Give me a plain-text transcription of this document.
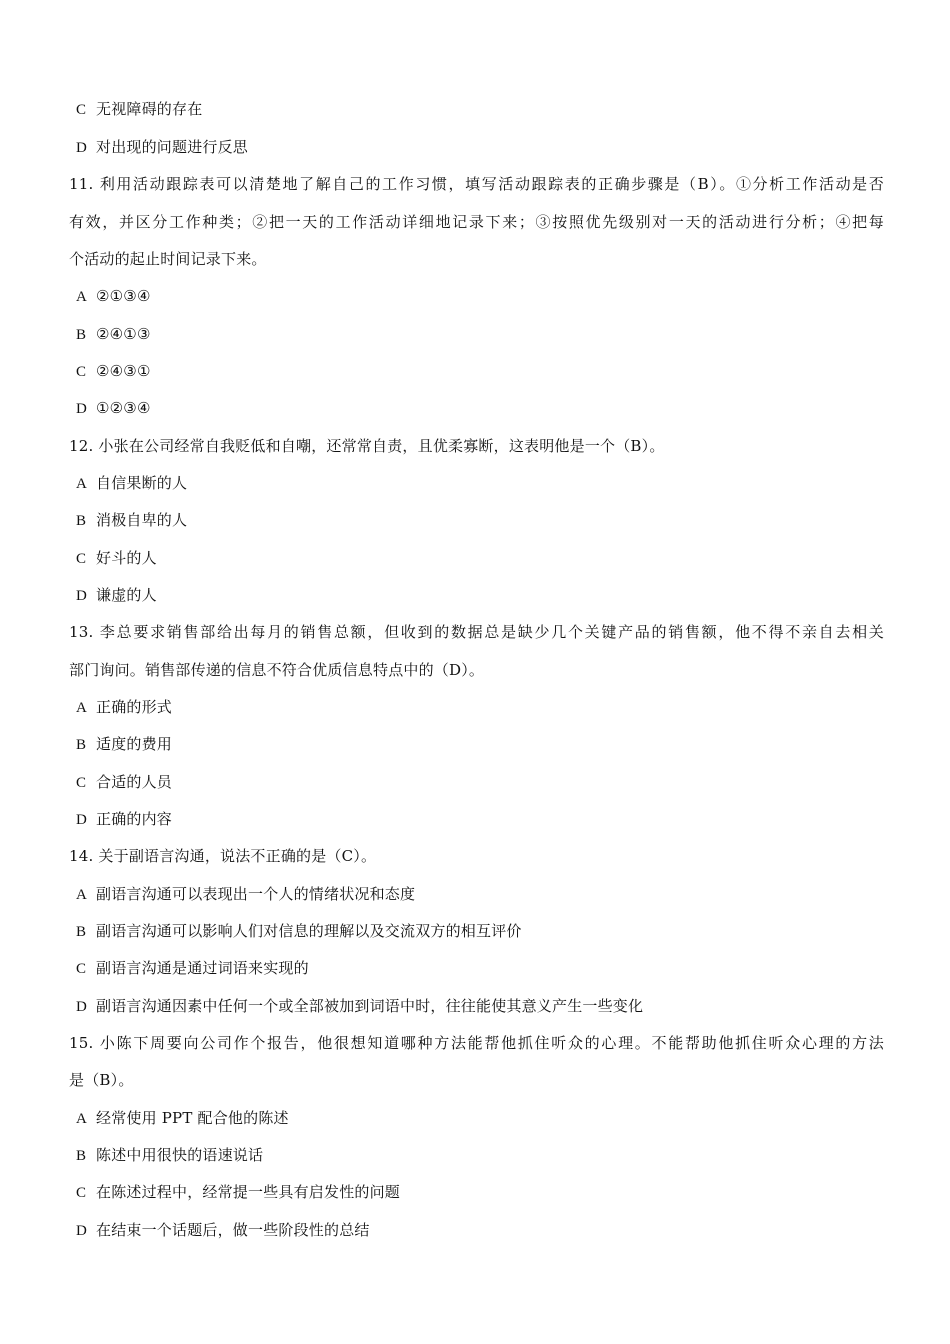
C 无视障碍的存在
D 对出现的问题进行反思
11. 利用活动跟踪表可以清楚地了解自己的工作习惯，填写活动跟踪表的正确步骤是（B）。①分析工作活动是否
有效，并区分工作种类；②把一天的工作活动详细地记录下来；③按照优先级别对一天的活动进行分析；④把每
个活动的起止时间记录下来。
A ②①③④
B ②④①③
C ②④③①
D ①②③④
12. 小张在公司经常自我贬低和自嘲，还常常自责，且优柔寡断，这表明他是一个（B）。
A 自信果断的人
B 消极自卑的人
C 好斗的人
D 谦虚的人
13. 李总要求销售部给出每月的销售总额，但收到的数据总是缺少几个关键产品的销售额，他不得不亲自去相关
部门询问。销售部传递的信息不符合优质信息特点中的（D）。
A 正确的形式
B 适度的费用
C 合适的人员
D 正确的内容
14. 关于副语言沟通，说法不正确的是（C）。
A 副语言沟通可以表现出一个人的情绪状况和态度
B 副语言沟通可以影响人们对信息的理解以及交流双方的相互评价
C 副语言沟通是通过词语来实现的
D 副语言沟通因素中任何一个或全部被加到词语中时，往往能使其意义产生一些变化
15. 小陈下周要向公司作个报告，他很想知道哪种方法能帮他抓住听众的心理。不能帮助他抓住听众心理的方法
是（B）。
A 经常使用 PPT 配合他的陈述
B 陈述中用很快的语速说话
C 在陈述过程中，经常提一些具有启发性的问题
D 在结束一个话题后，做一些阶段性的总结
